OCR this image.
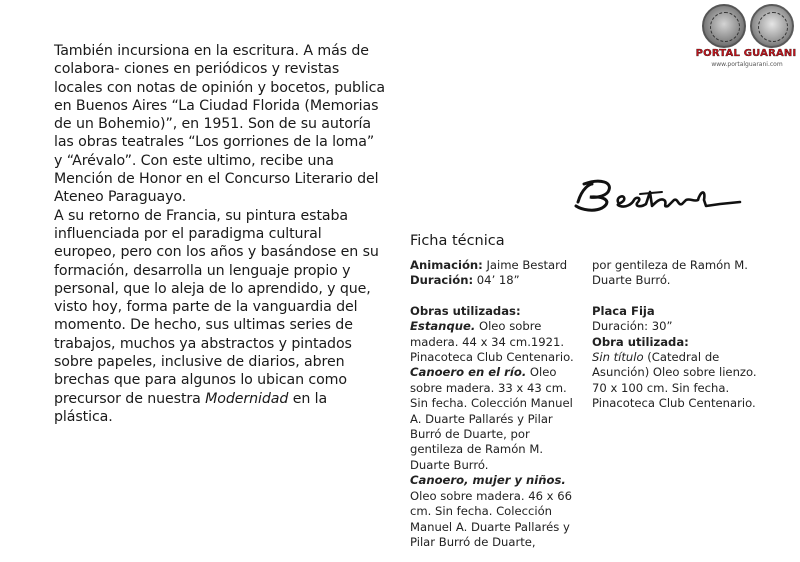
También incursiona en la escritura. A más de colabora- ciones en periódicos y revistas locales con notas de opinión y bocetos, publica en Buenos Aires “La Ciudad Florida (Memorias de un Bohemio)”, en 1951. Son de su autoría las obras teatrales “Los gorriones de la loma” y “Arévalo”. Con este ultimo, recibe una Mención de Honor en el Concurso Literario del Ateneo Paraguayo.

A su retorno de Francia, su pintura estaba influenciada por el paradigma cultural europeo, pero con los años y basándose en su formación, desarrolla un lenguaje propio y personal, que lo aleja de lo aprendido, y que, visto hoy, forma parte de la vanguardia del momento. De hecho, sus ultimas series de trabajos, muchos ya abstractos y pintados sobre papeles, inclusive de diarios, abren brechas que para algunos lo ubican como precursor de nuestra Modernidad en la plástica.

PORTAL GUARANI
www.portalguarani.com
Ficha técnica

Animación: Jaime Bestard

Duración: 04’ 18”

Obras utilizadas:

Estanque. Oleo sobre madera. 44 x 34 cm.1921. Pinacoteca Club Centenario.

Canoero en el río. Oleo sobre madera. 33 x 43 cm. Sin fecha. Colección Manuel A. Duarte Pallarés y Pilar Burró de Duarte, por gentileza de Ramón M. Duarte Burró.

Canoero, mujer y niños. Oleo sobre madera. 46 x 66 cm. Sin fecha. Colección Manuel A. Duarte Pallarés y Pilar Burró de Duarte,

por gentileza de Ramón M. Duarte Burró.

Placa Fija

Duración: 30”

Obra utilizada:

Sin título (Catedral de Asunción) Oleo sobre lienzo. 70 x 100 cm. Sin fecha. Pinacoteca Club Centenario.
